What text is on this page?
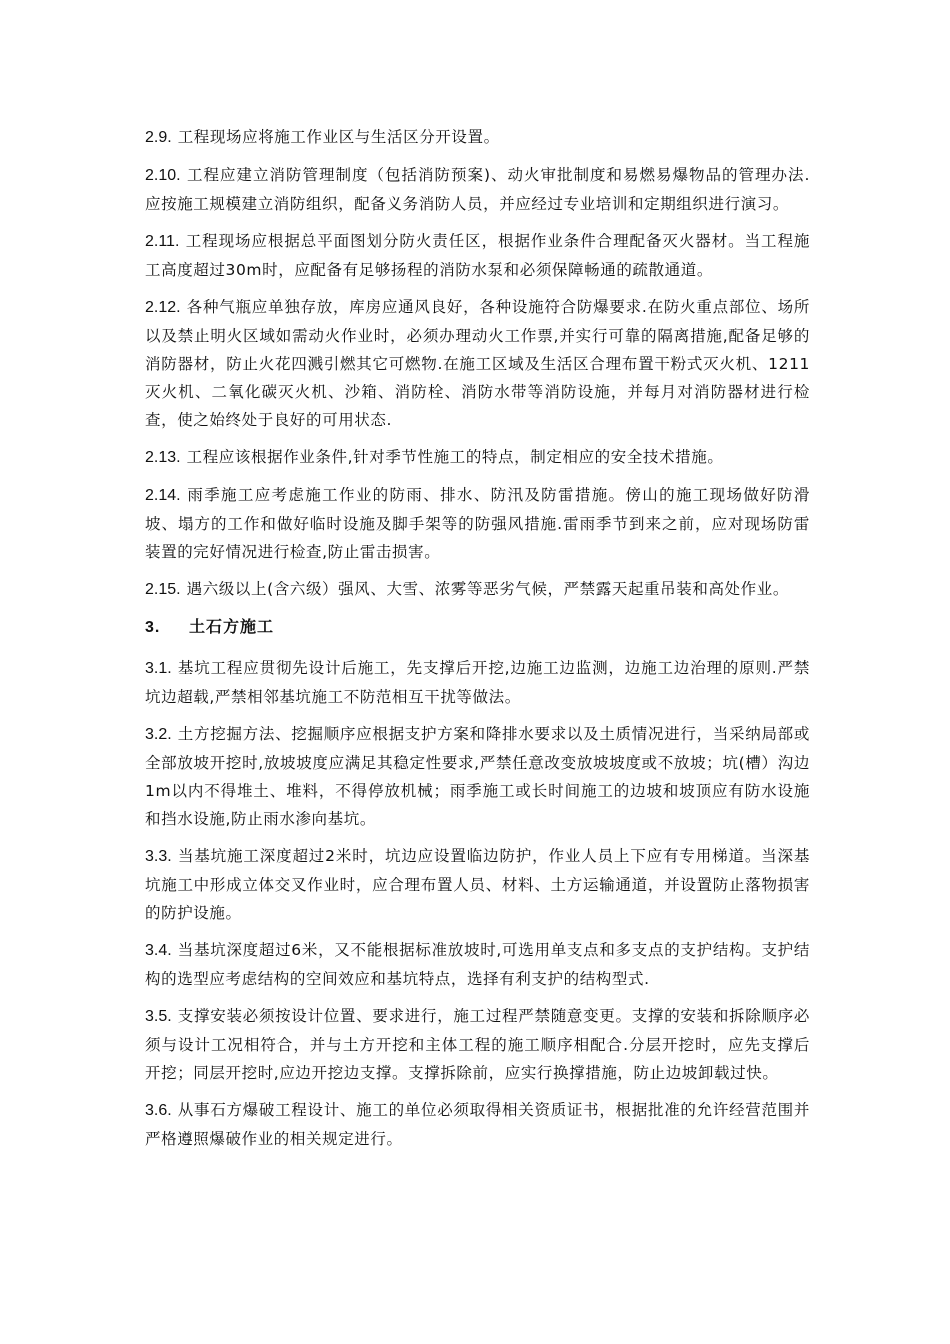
2.9. 工程现场应将施工作业区与生活区分开设置。

2.10. 工程应建立消防管理制度（包括消防预案)、动火审批制度和易燃易爆物品的管理办法.应按施工规模建立消防组织，配备义务消防人员，并应经过专业培训和定期组织进行演习。

2.11. 工程现场应根据总平面图划分防火责任区，根据作业条件合理配备灭火器材。当工程施工高度超过30m时，应配备有足够扬程的消防水泵和必须保障畅通的疏散通道。

2.12. 各种气瓶应单独存放，库房应通风良好，各种设施符合防爆要求.在防火重点部位、场所以及禁止明火区域如需动火作业时，必须办理动火工作票,并实行可靠的隔离措施,配备足够的消防器材，防止火花四溅引燃其它可燃物.在施工区域及生活区合理布置干粉式灭火机、1211灭火机、二氧化碳灭火机、沙箱、消防栓、消防水带等消防设施，并每月对消防器材进行检查，使之始终处于良好的可用状态.

2.13. 工程应该根据作业条件,针对季节性施工的特点，制定相应的安全技术措施。

2.14. 雨季施工应考虑施工作业的防雨、排水、防汛及防雷措施。傍山的施工现场做好防滑坡、塌方的工作和做好临时设施及脚手架等的防强风措施.雷雨季节到来之前，应对现场防雷装置的完好情况进行检查,防止雷击损害。

2.15. 遇六级以上(含六级）强风、大雪、浓雾等恶劣气候，严禁露天起重吊装和高处作业。

3. 土石方施工

3.1. 基坑工程应贯彻先设计后施工，先支撑后开挖,边施工边监测，边施工边治理的原则.严禁坑边超载,严禁相邻基坑施工不防范相互干扰等做法。

3.2. 土方挖掘方法、挖掘顺序应根据支护方案和降排水要求以及土质情况进行，当采纳局部或全部放坡开挖时,放坡坡度应满足其稳定性要求,严禁任意改变放坡坡度或不放坡；坑(槽）沟边1m以内不得堆土、堆料，不得停放机械；雨季施工或长时间施工的边坡和坡顶应有防水设施和挡水设施,防止雨水渗向基坑。

3.3. 当基坑施工深度超过2米时，坑边应设置临边防护，作业人员上下应有专用梯道。当深基坑施工中形成立体交叉作业时，应合理布置人员、材料、土方运输通道，并设置防止落物损害的防护设施。

3.4. 当基坑深度超过6米，又不能根据标准放坡时,可选用单支点和多支点的支护结构。支护结构的选型应考虑结构的空间效应和基坑特点，选择有利支护的结构型式.

3.5. 支撑安装必须按设计位置、要求进行，施工过程严禁随意变更。支撑的安装和拆除顺序必须与设计工况相符合，并与土方开挖和主体工程的施工顺序相配合.分层开挖时，应先支撑后开挖；同层开挖时,应边开挖边支撑。支撑拆除前，应实行换撑措施，防止边坡卸载过快。

3.6. 从事石方爆破工程设计、施工的单位必须取得相关资质证书，根据批准的允许经营范围并严格遵照爆破作业的相关规定进行。
